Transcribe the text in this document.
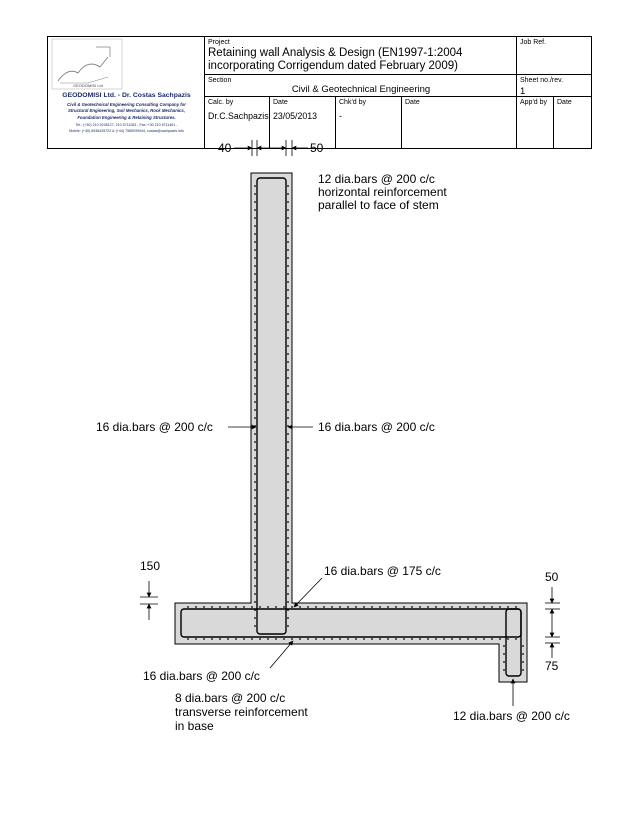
GEODOMISI Ltd
GEODOMISI Ltd. - Dr. Costas Sachpazis
Civil & Geotechnical Engineering Consulting Company for
Structural Engineering, Soil Mechanics, Rock Mechanics,
Foundation Engineering & Retaining Structures.
Tel.: (+30) 210 5238127, 210 5711263 - Fax.:+30 210 5711461 -
Mobile: (+30) 6936425722 & (+44) 7585939944, costas@sachpazis.info
Project
Retaining wall Analysis & Design (EN1997-1:2004
incorporating Corrigendum dated February 2009)
Job Ref.
Section
Civil & Geotechnical Engineering
Sheet no./rev.
1
Calc. by
Dr.C.Sachpazis
Date
23/05/2013
Chk'd by
-
Date	App'd by Date
40	50
12 dia.bars @ 200 c/c
horizontal reinforcement
parallel to face of stem
16 dia.bars @ 200 c/c	16 dia.bars @ 200 c/c
16 dia.bars @ 175 c/c
150
50
75
16 dia.bars @ 200 c/c
8 dia.bars @ 200 c/c
transverse reinforcement
in base
12 dia.bars @ 200 c/c
